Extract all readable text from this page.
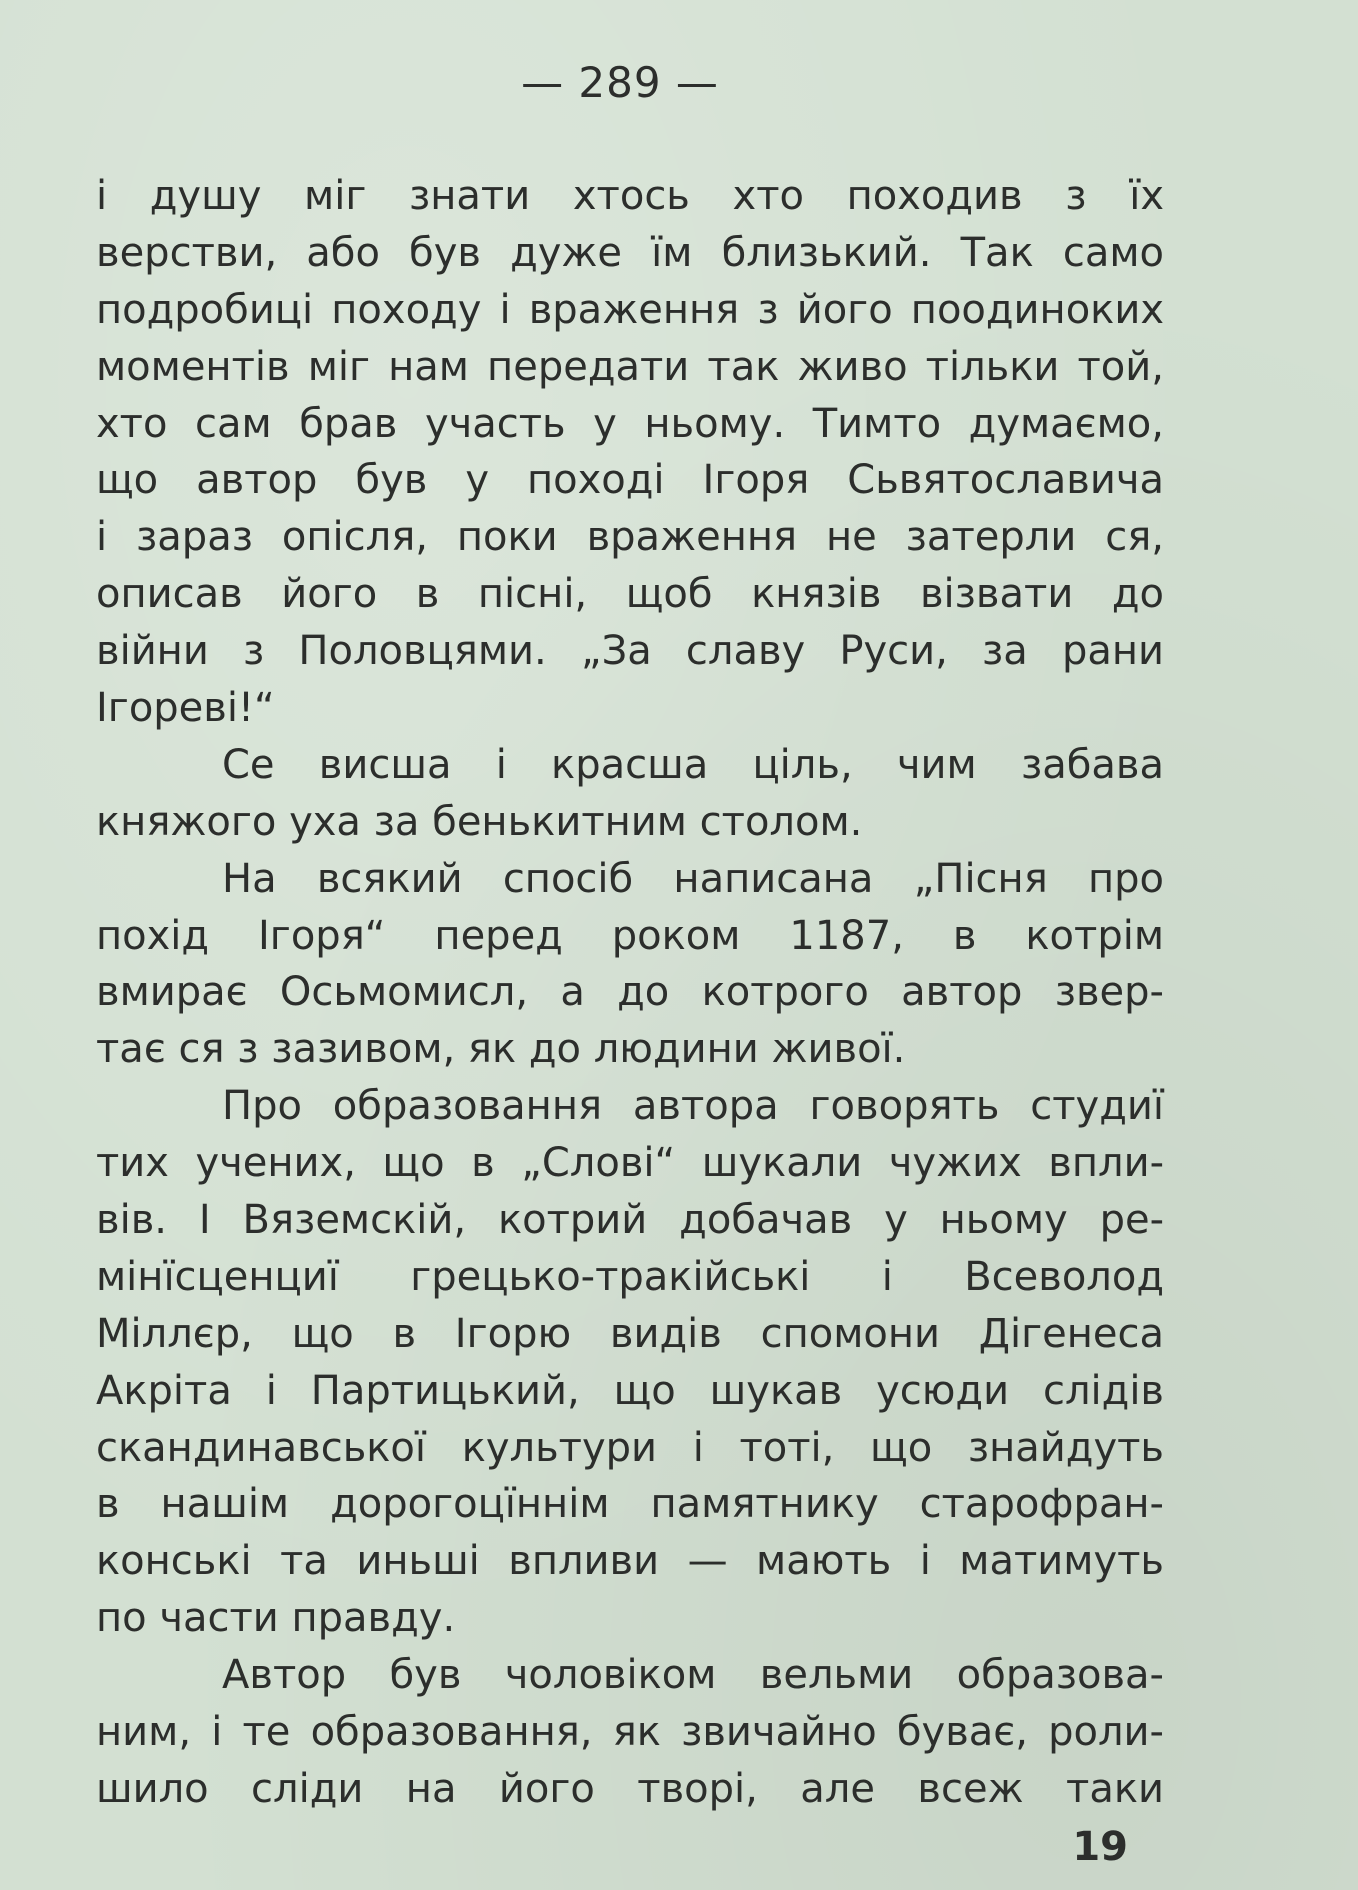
— 289 —
і душу міг знати хтось хто походив з їх
верстви, або був дуже їм близький. Так само
подробиці походу і враження з його поодиноких
моментів міг нам передати так живо тільки той,
хто сам брав участь у ньому. Тимто думаємо,
що автор був у поході Ігоря Сьвятославича
і зараз опісля, поки враження не затерли ся,
описав його в пісні, щоб князів візвати до
війни з Половцями. „За славу Руси, за рани
Ігореві!“
Се висша і красша ціль, чим забава
княжого уха за бенькитним столом.
На всякий спосіб написана „Пісня про
похід Ігоря“ перед роком 1187, в котрім
вмирає Осьмомисл, а до котрого автор звер-
тає ся з зазивом, як до людини живої.
Про образовання автора говорять студиї
тих учених, що в „Слові“ шукали чужих впли-
вів. І Вяземскій, котрий добачав у ньому ре-
мінїсценциї грецько-тракійські і Всеволод
Міллєр, що в Ігорю видів спомони Дігенеса
Акріта і Партицький, що шукав усюди слідів
скандинавської культури і тоті, що знайдуть
в нашім дорогоцїннім памятнику старофран-
конські та иньші впливи — мають і матимуть
по части правду.
Автор був чоловіком вельми образова-
ним, і те образовання, як звичайно буває, poли-
шило сліди на його творі, але всеж таки
19
